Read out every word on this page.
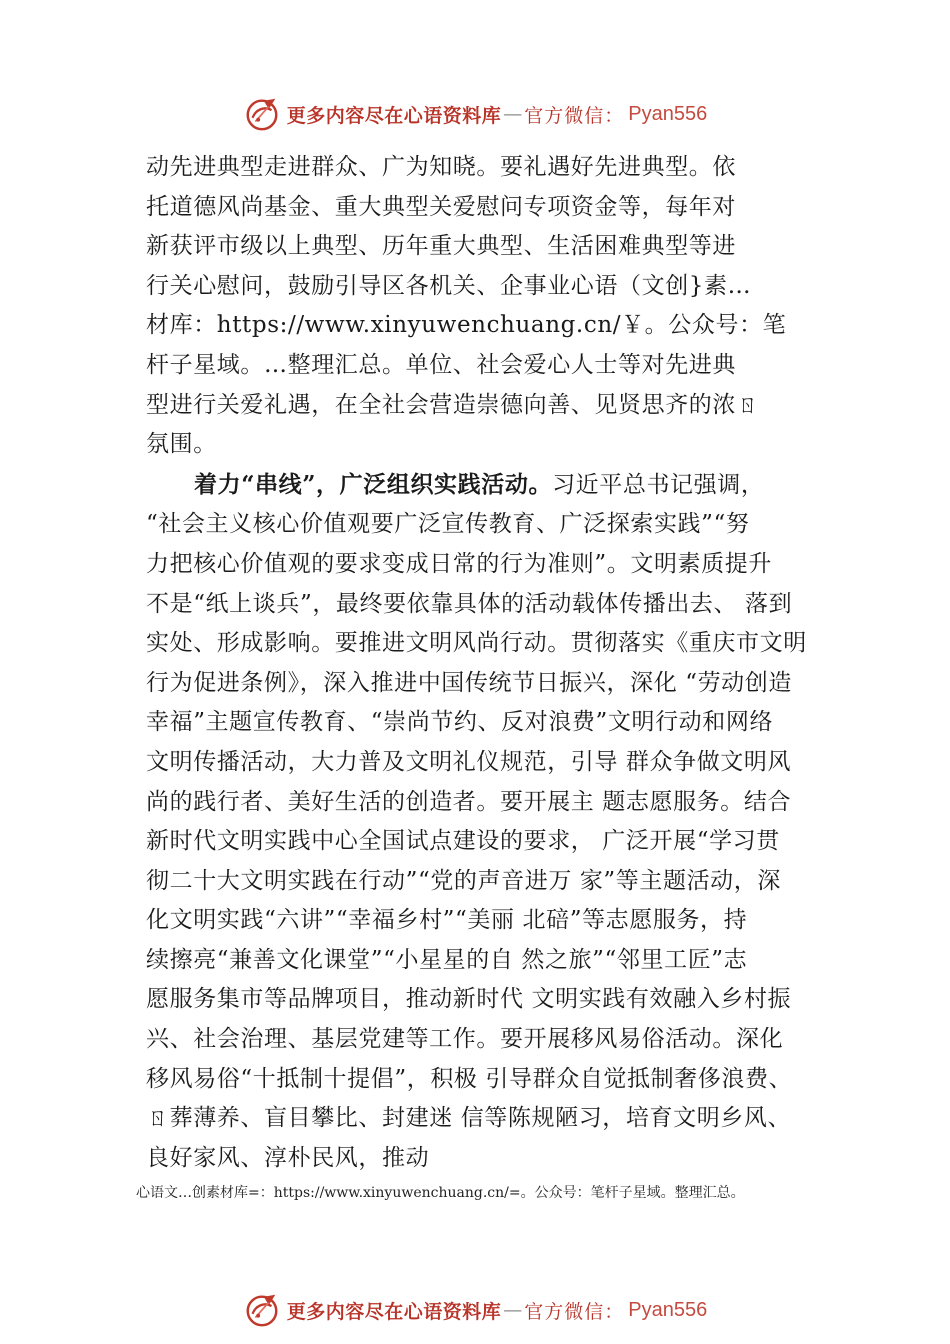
更多内容尽在心语资料库 — 官方微信： Pyan556
动先进典型走进群众、广为知晓。要礼遇好先进典型。依
托道德风尚基金、重大典型关爱慰问专项资金等，每年对
新获评市级以上典型、历年重大典型、生活困难典型等进
行关心慰问，鼓励引导区各机关、企事业心语（文创}素…
材库：https://www.xinyuwenchuang.cn/￥。公众号：笔
杆子星域。…整理汇总。单位、社会爱心人士等对先进典
型进行关爱礼遇，在全社会营造崇德向善、见贤思齐的浓ㄖ
氛围。
着力“串线”，广泛组织实践活动。习近平总书记强调，
“社会主义核心价值观要广泛宣传教育、广泛探索实践”“努
力把核心价值观的要求变成日常的行为准则”。文明素质提升
不是“纸上谈兵”，最终要依靠具体的活动载体传播出去、 落到
实处、形成影响。要推进文明风尚行动。贯彻落实《重庆市文明
行为促进条例》，深入推进中国传统节日振兴，深化 “劳动创造
幸福”主题宣传教育、“崇尚节约、反对浪费”文明行动和网络
文明传播活动，大力普及文明礼仪规范，引导 群众争做文明风
尚的践行者、美好生活的创造者。要开展主 题志愿服务。结合
新时代文明实践中心全国试点建设的要求， 广泛开展“学习贯
彻二十大文明实践在行动”“党的声音进万 家”等主题活动，深
化文明实践“六讲”“幸福乡村”“美丽 北碚”等志愿服务，持
续擦亮“兼善文化课堂”“小星星的自 然之旅”“邻里工匠”志
愿服务集市等品牌项目，推动新时代 文明实践有效融入乡村振
兴、社会治理、基层党建等工作。要开展移风易俗活动。深化
移风易俗“十抵制十提倡”，积极 引导群众自觉抵制奢侈浪费、
ㄖ葬薄养、盲目攀比、封建迷 信等陈规陋习，培育文明乡风、
良好家风、淳朴民风，推动
心语文…创素材库=：https://www.xinyuwenchuang.cn/=。公众号：笔杆子星域。整理汇总。
更多内容尽在心语资料库 — 官方微信： Pyan556
